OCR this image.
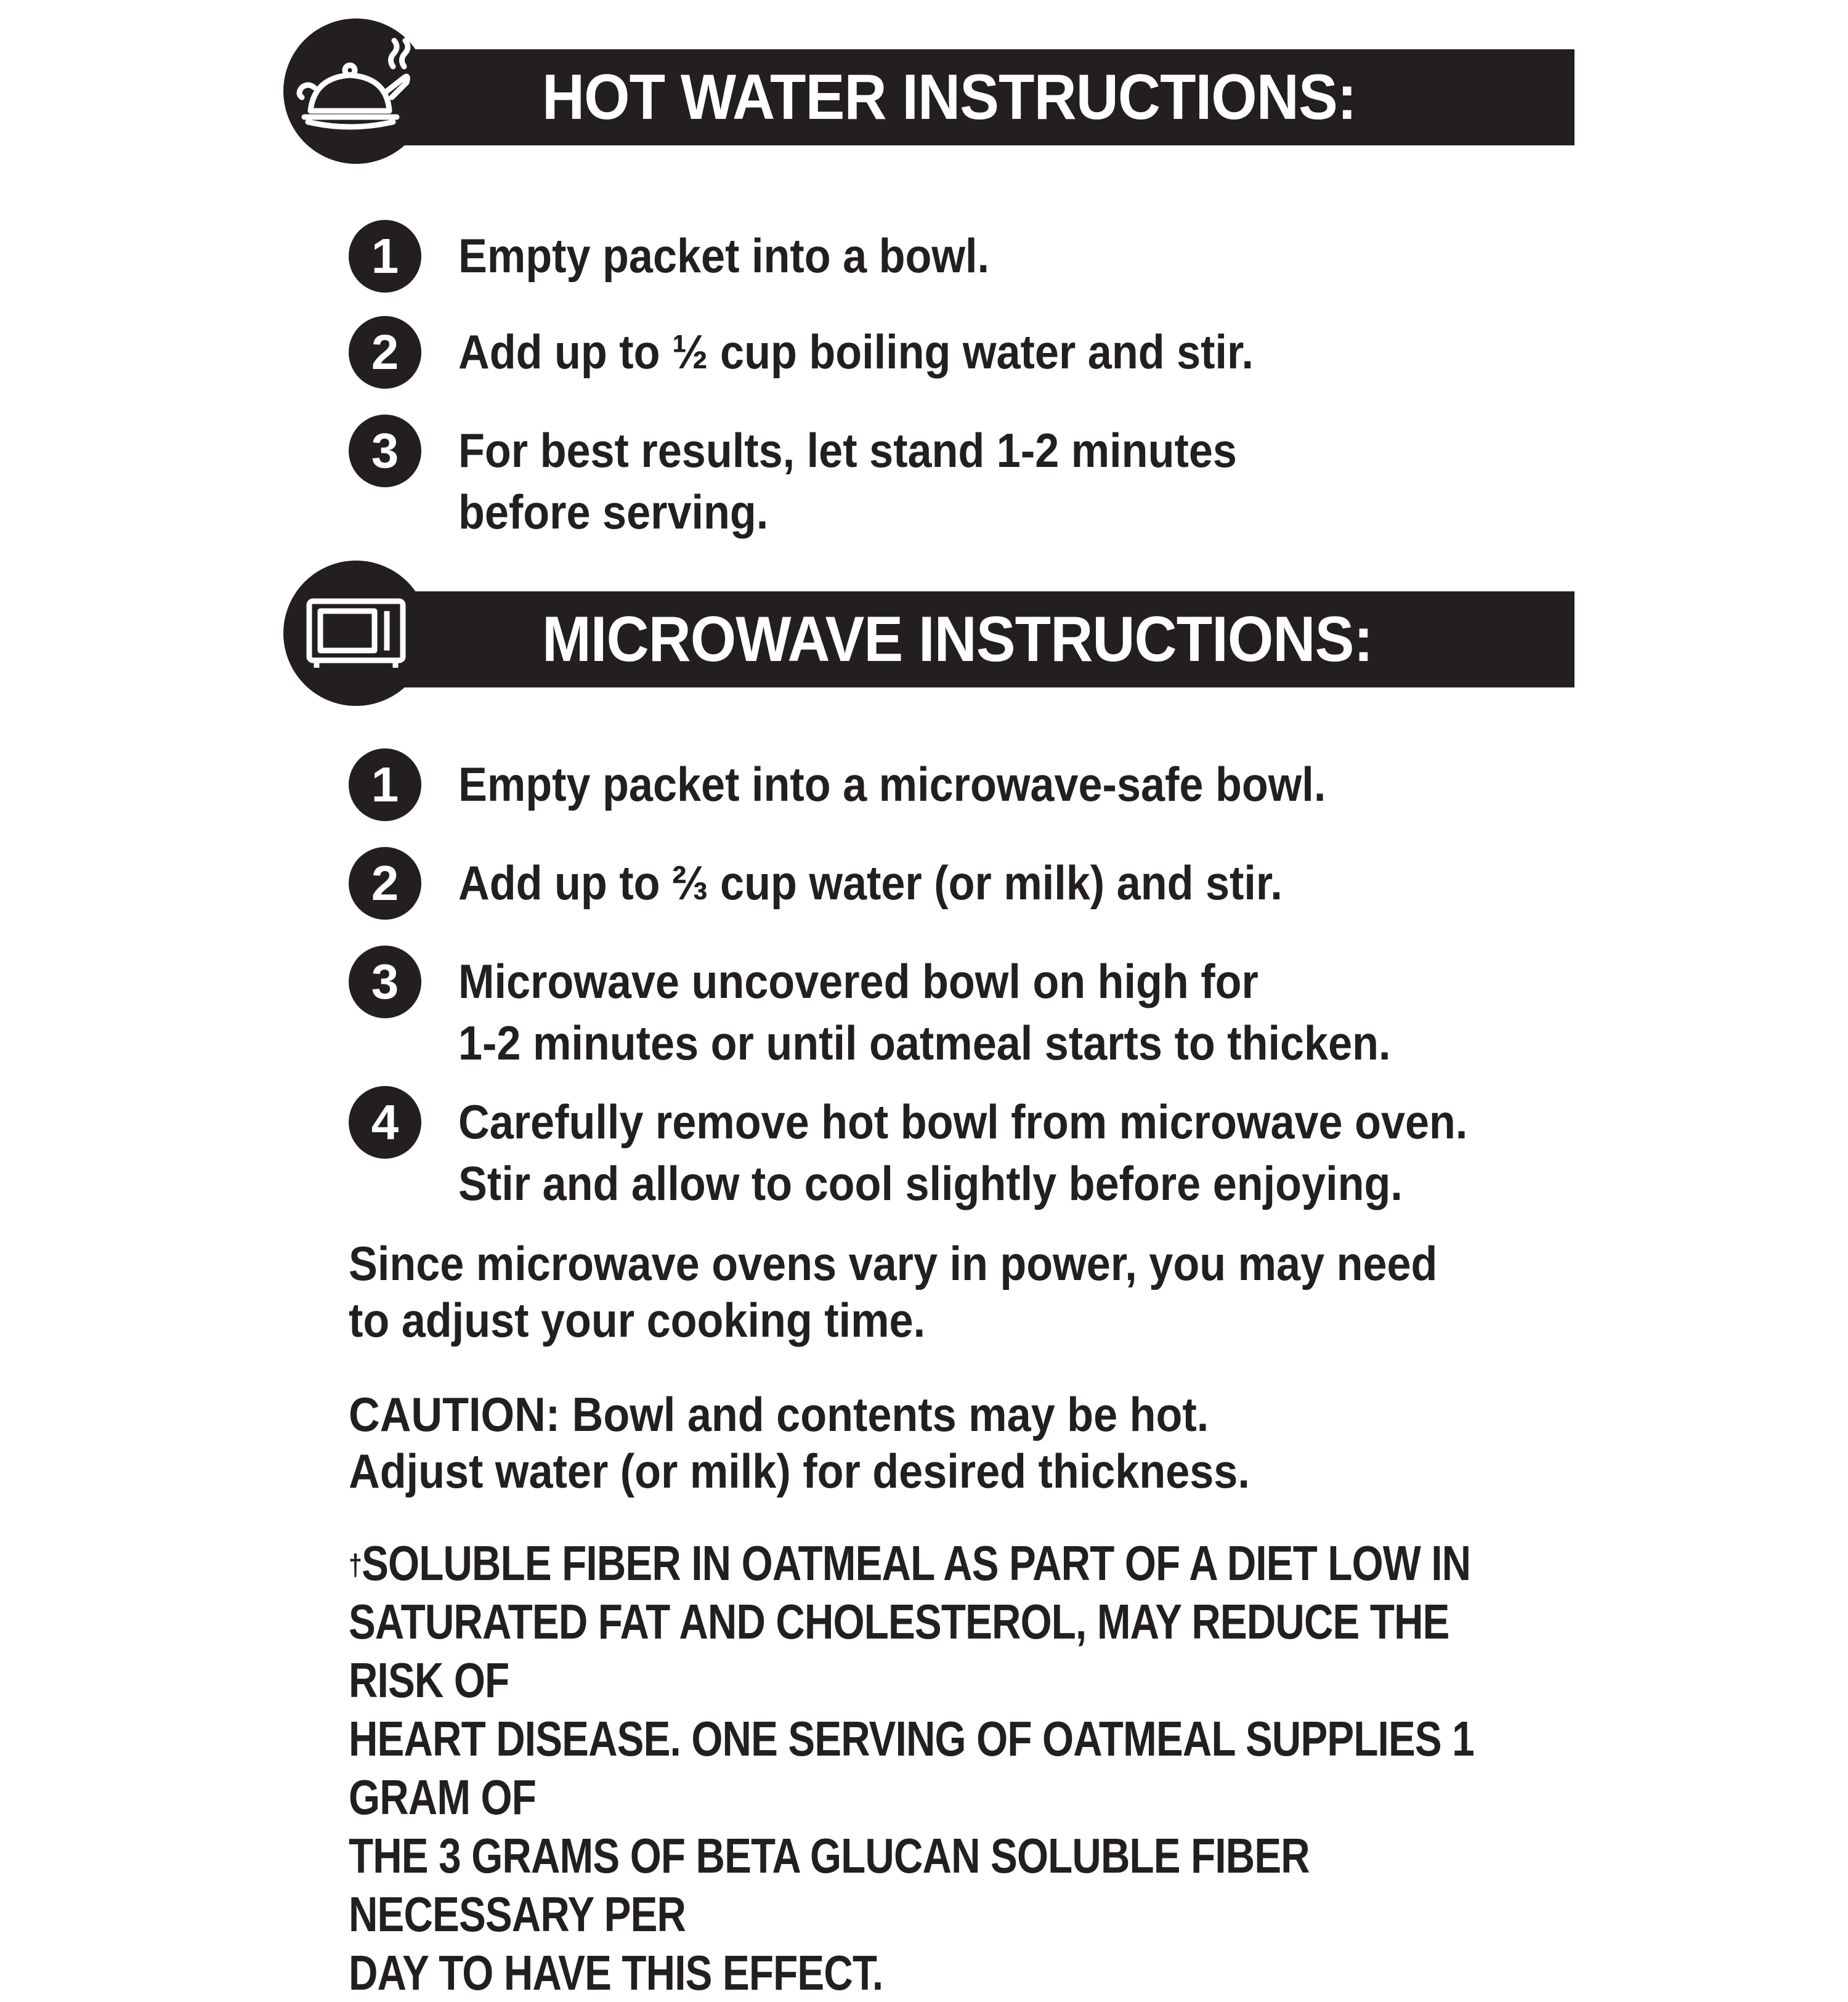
HOT WATER INSTRUCTIONS:
1	Empty packet into a bowl.
2	Add up to ½ cup boiling water and stir.
3	For best results, let stand 1-2 minutes
before serving.
MICROWAVE INSTRUCTIONS:
1	Empty packet into a microwave-safe bowl.
2	Add up to ⅔ cup water (or milk) and stir.
3	Microwave uncovered bowl on high for
1-2 minutes or until oatmeal starts to thicken.
4	Carefully remove hot bowl from microwave oven.
Stir and allow to cool slightly before enjoying.
Since microwave ovens vary in power, you may need
to adjust your cooking time.
CAUTION: Bowl and contents may be hot.
Adjust water (or milk) for desired thickness.
†SOLUBLE FIBER IN OATMEAL AS PART OF A DIET LOW IN
SATURATED FAT AND CHOLESTEROL, MAY REDUCE THE RISK OF
HEART DISEASE. ONE SERVING OF OATMEAL SUPPLIES 1 GRAM OF
THE 3 GRAMS OF BETA GLUCAN SOLUBLE FIBER NECESSARY PER
DAY TO HAVE THIS EFFECT.
